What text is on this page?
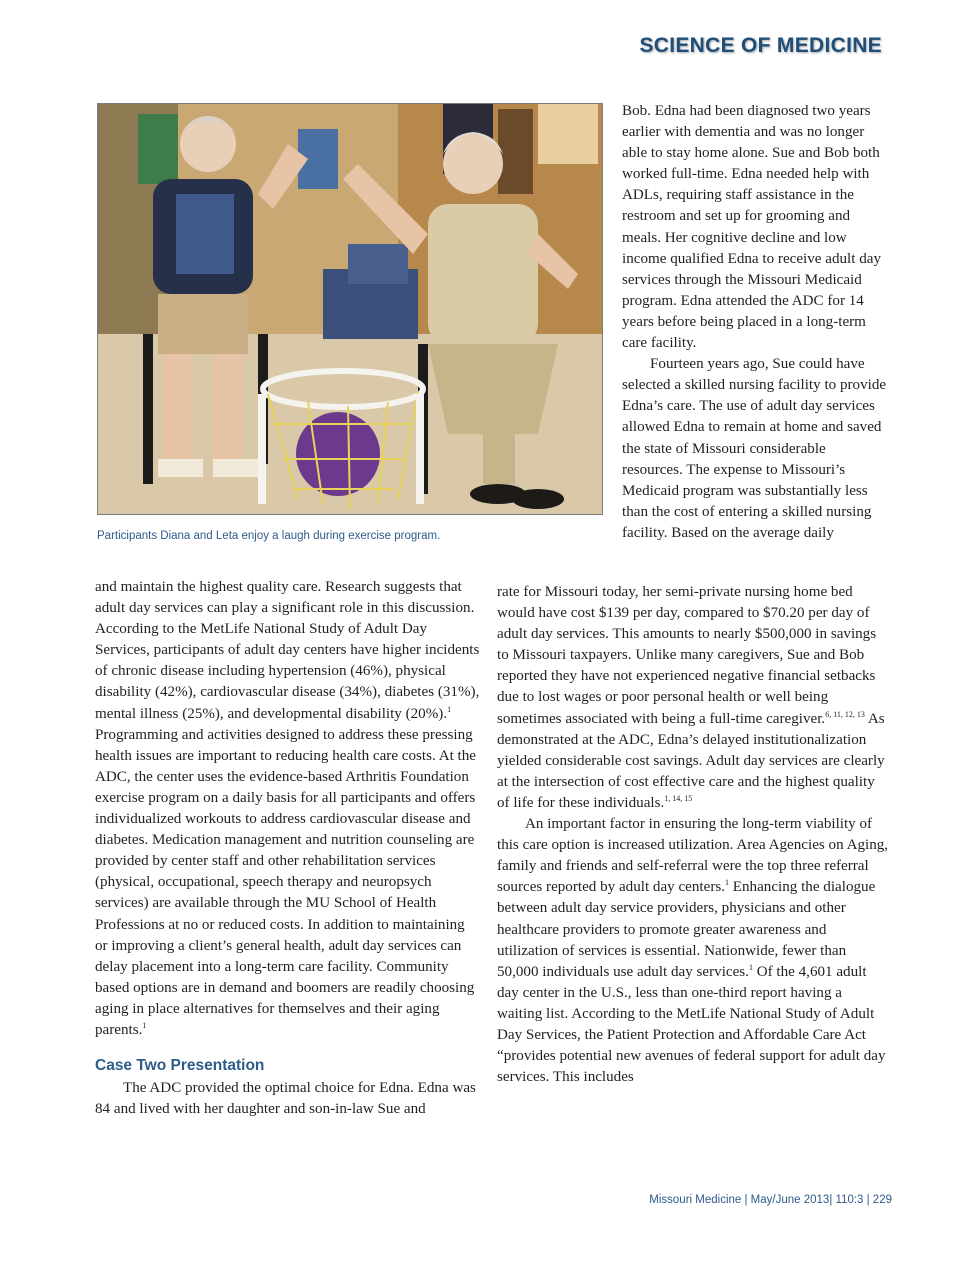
SCIENCE OF MEDICINE
Participants Diana and Leta enjoy a laugh during exercise program.

Bob. Edna had been diagnosed two years earlier with dementia and was no longer able to stay home alone. Sue and Bob both worked full-time. Edna needed help with ADLs, requiring staff assistance in the restroom and set up for grooming and meals. Her cognitive decline and low income qualified Edna to receive adult day services through the Missouri Medicaid program. Edna attended the ADC for 14 years before being placed in a long-term care facility.

Fourteen years ago, Sue could have selected a skilled nursing facility to provide Edna’s care. The use of adult day services allowed Edna to remain at home and saved the state of Missouri considerable resources. The expense to Missouri’s Medicaid program was substantially less than the cost of entering a skilled nursing facility. Based on the average daily

rate for Missouri today, her semi-private nursing home bed would have cost $139 per day, compared to $70.20 per day of adult day services. This amounts to nearly $500,000 in savings to Missouri taxpayers. Unlike many caregivers, Sue and Bob reported they have not experienced negative financial setbacks due to lost wages or poor personal health or well being sometimes associated with being a full-time caregiver.$^{6, 11, 12, 13}$ As demonstrated at the ADC, Edna’s delayed institutionalization yielded considerable cost savings. Adult day services are clearly at the intersection of cost effective care and the highest quality of life for these individuals.$^{1, 14, 15}$

An important factor in ensuring the long-term viability of this care option is increased utilization. Area Agencies on Aging, family and friends and self-referral were the top three referral sources reported by adult day centers.$^1$ Enhancing the dialogue between adult day service providers, physicians and other healthcare providers to promote greater awareness and utilization of services is essential. Nationwide, fewer than 50,000 individuals use adult day services.$^1$ Of the 4,601 adult day center in the U.S., less than one-third report having a waiting list. According to the MetLife National Study of Adult Day Services, the Patient Protection and Affordable Care Act “provides potential new avenues of federal support for adult day services. This includes

and maintain the highest quality care. Research suggests that adult day services can play a significant role in this discussion. According to the MetLife National Study of Adult Day Services, participants of adult day centers have higher incidents of chronic disease including hypertension (46%), physical disability (42%), cardiovascular disease (34%), diabetes (31%), mental illness (25%), and developmental disability (20%).$^1$ Programming and activities designed to address these pressing health issues are important to reducing health care costs. At the ADC, the center uses the evidence-based Arthritis Foundation exercise program on a daily basis for all participants and offers individualized workouts to address cardiovascular disease and diabetes. Medication management and nutrition counseling are provided by center staff and other rehabilitation services (physical, occupational, speech therapy and neuropsych services) are available through the MU School of Health Professions at no or reduced costs. In addition to maintaining or improving a client’s general health, adult day services can delay placement into a long-term care facility. Community based options are in demand and boomers are readily choosing aging in place alternatives for themselves and their aging parents.$^1$

Case Two Presentation

The ADC provided the optimal choice for Edna. Edna was 84 and lived with her daughter and son-in-law Sue and

Missouri Medicine | May/June 2013| 110:3 | 229
